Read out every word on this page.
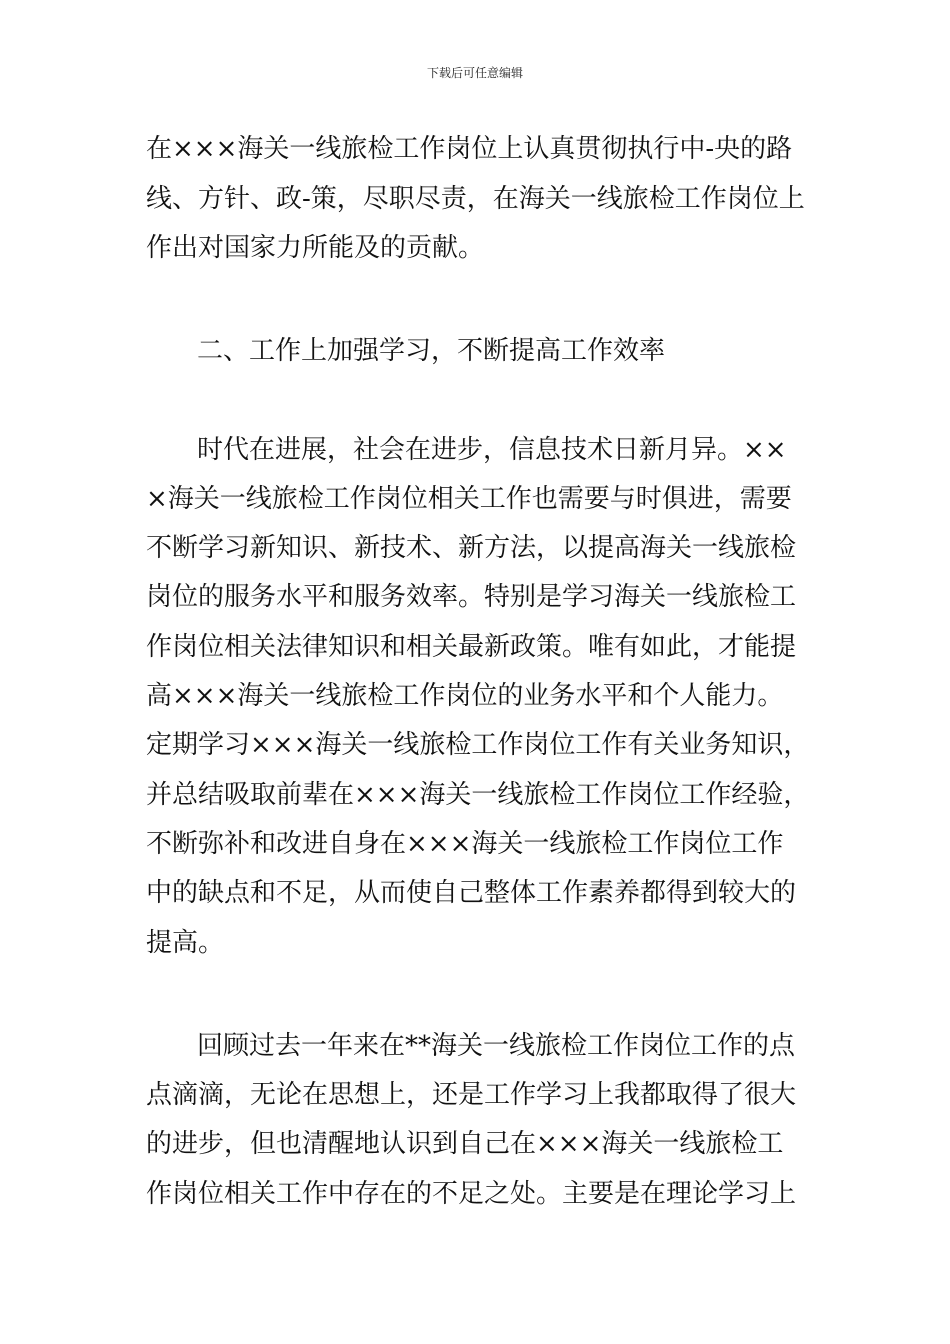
下载后可任意编辑
在×××海关一线旅检工作岗位上认真贯彻执行中-央的路
线、方针、政-策，尽职尽责，在海关一线旅检工作岗位上
作出对国家力所能及的贡献。
二、工作上加强学习，不断提高工作效率
时代在进展，社会在进步，信息技术日新月异。××
×海关一线旅检工作岗位相关工作也需要与时俱进，需要
不断学习新知识、新技术、新方法，以提高海关一线旅检
岗位的服务水平和服务效率。特别是学习海关一线旅检工
作岗位相关法律知识和相关最新政策。唯有如此，才能提
高×××海关一线旅检工作岗位的业务水平和个人能力。
定期学习×××海关一线旅检工作岗位工作有关业务知识，
并总结吸取前辈在×××海关一线旅检工作岗位工作经验，
不断弥补和改进自身在×××海关一线旅检工作岗位工作
中的缺点和不足，从而使自己整体工作素养都得到较大的
提高。
回顾过去一年来在**海关一线旅检工作岗位工作的点
点滴滴，无论在思想上，还是工作学习上我都取得了很大
的进步，但也清醒地认识到自己在×××海关一线旅检工
作岗位相关工作中存在的不足之处。主要是在理论学习上
